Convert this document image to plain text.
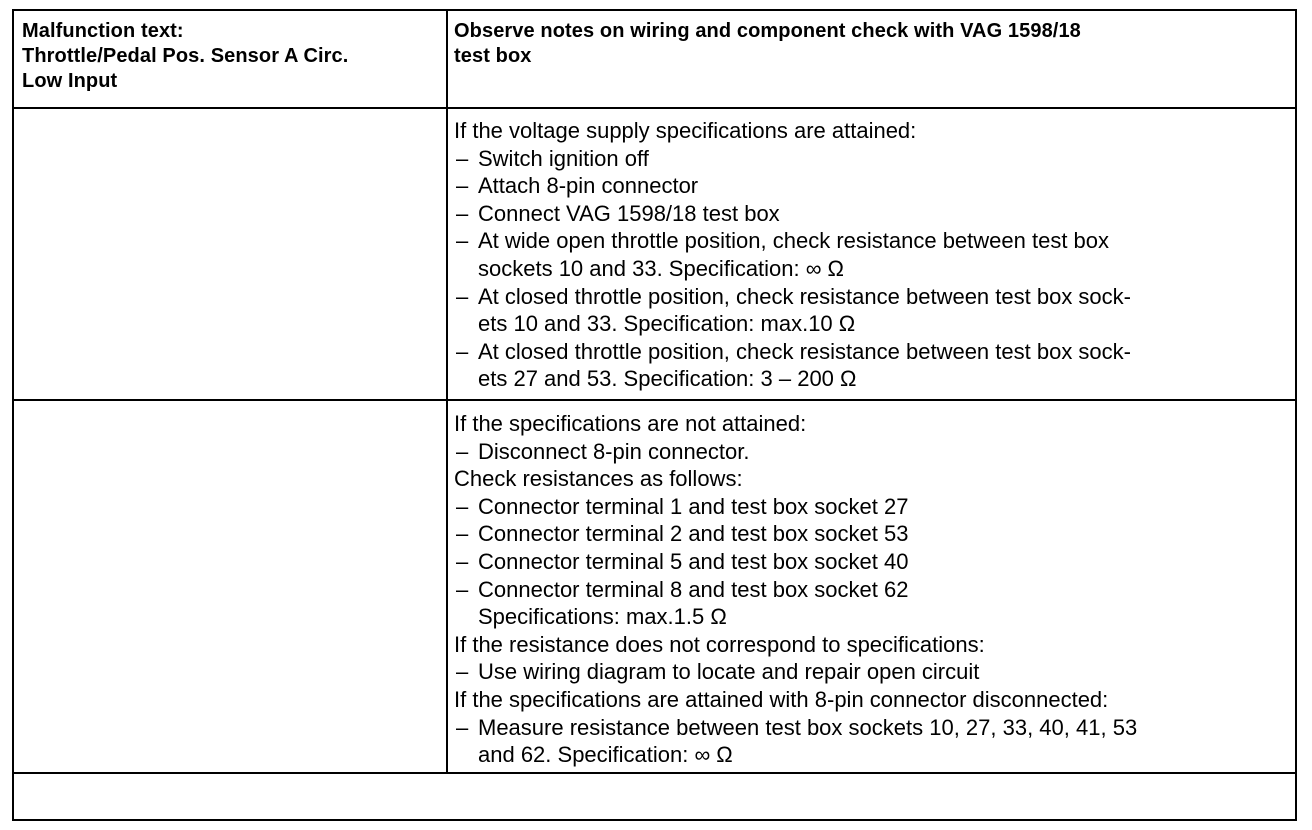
Malfunction text:
Throttle/Pedal Pos. Sensor A Circ.
Low Input
Observe notes on wiring and component check with VAG 1598/18
test box
If the voltage supply specifications are attained:
– Switch ignition off
– Attach 8-pin connector
– Connect VAG 1598/18 test box
– At wide open throttle position, check resistance between test box
sockets 10 and 33. Specification: ∞ Ω
– At closed throttle position, check resistance between test box sock-
ets 10 and 33. Specification: max.10 Ω
– At closed throttle position, check resistance between test box sock-
ets 27 and 53. Specification: 3 – 200 Ω
If the specifications are not attained:
– Disconnect 8-pin connector.
Check resistances as follows:
– Connector terminal 1 and test box socket 27
– Connector terminal 2 and test box socket 53
– Connector terminal 5 and test box socket 40
– Connector terminal 8 and test box socket 62
Specifications: max.1.5 Ω
If the resistance does not correspond to specifications:
– Use wiring diagram to locate and repair open circuit
If the specifications are attained with 8-pin connector disconnected:
– Measure resistance between test box sockets 10, 27, 33, 40, 41, 53
and 62. Specification: ∞ Ω
